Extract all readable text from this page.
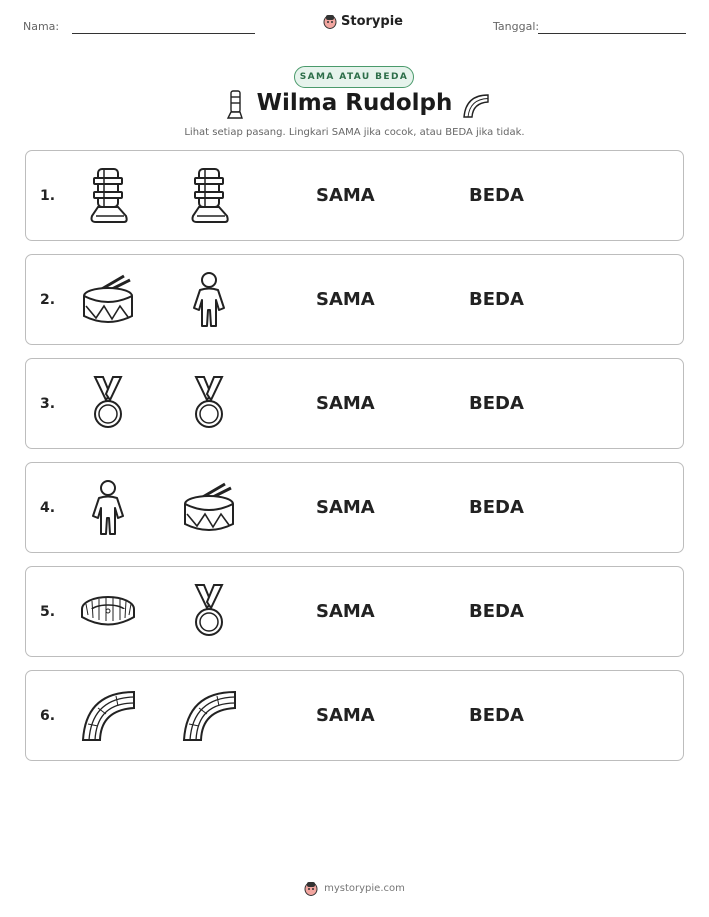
Nama:	Storypie	Tanggal:
SAMA ATAU BEDA
Wilma Rudolph
Lihat setiap pasang. Lingkari SAMA jika cocok, atau BEDA jika tidak.
1.	SAMA	BEDA
2.	SAMA	BEDA
3.	SAMA	BEDA
4.	SAMA	BEDA
5.	SAMA	BEDA
6.	SAMA	BEDA
mystorypie.com
